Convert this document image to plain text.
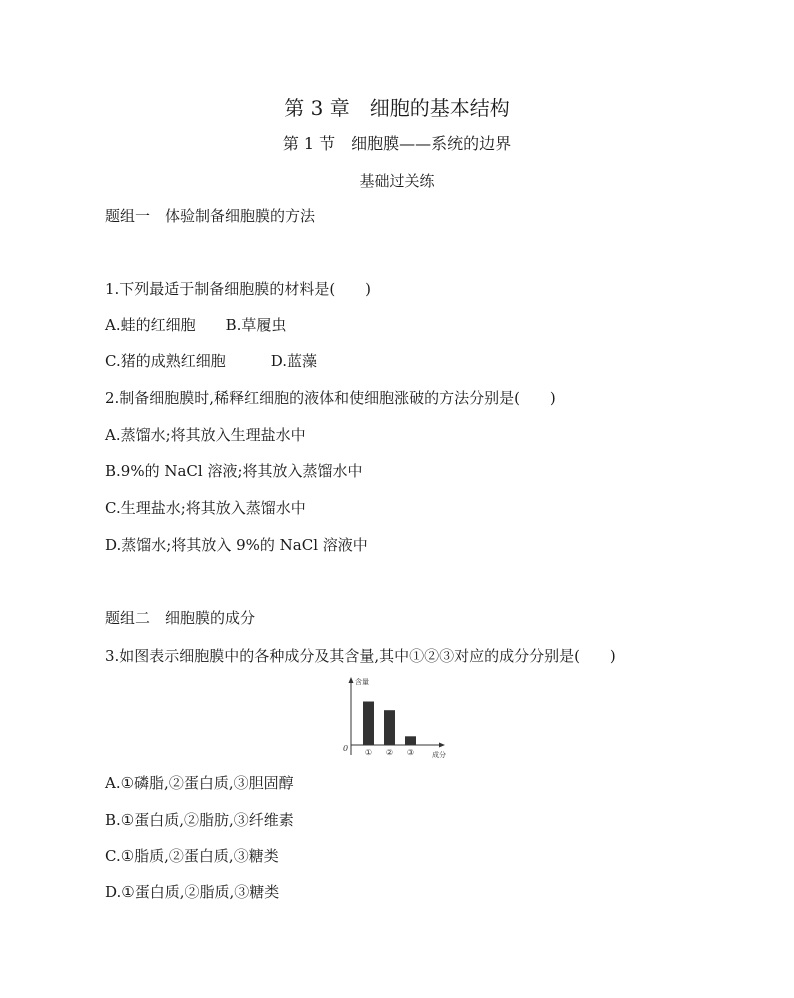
第 3 章　细胞的基本结构
第 1 节　细胞膜——系统的边界
基础过关练
题组一　体验制备细胞膜的方法
1.下列最适于制备细胞膜的材料是(　　)
A.蛙的红细胞　　B.草履虫
C.猪的成熟红细胞　　　D.蓝藻
2.制备细胞膜时,稀释红细胞的液体和使细胞涨破的方法分别是(　　)
A.蒸馏水;将其放入生理盐水中
B.9%的 NaCl 溶液;将其放入蒸馏水中
C.生理盐水;将其放入蒸馏水中
D.蒸馏水;将其放入 9%的 NaCl 溶液中
题组二　细胞膜的成分
3.如图表示细胞膜中的各种成分及其含量,其中①②③对应的成分分别是(　　)
含量
0
成分
① ② ③
A.①磷脂,②蛋白质,③胆固醇
B.①蛋白质,②脂肪,③纤维素
C.①脂质,②蛋白质,③糖类
D.①蛋白质,②脂质,③糖类
